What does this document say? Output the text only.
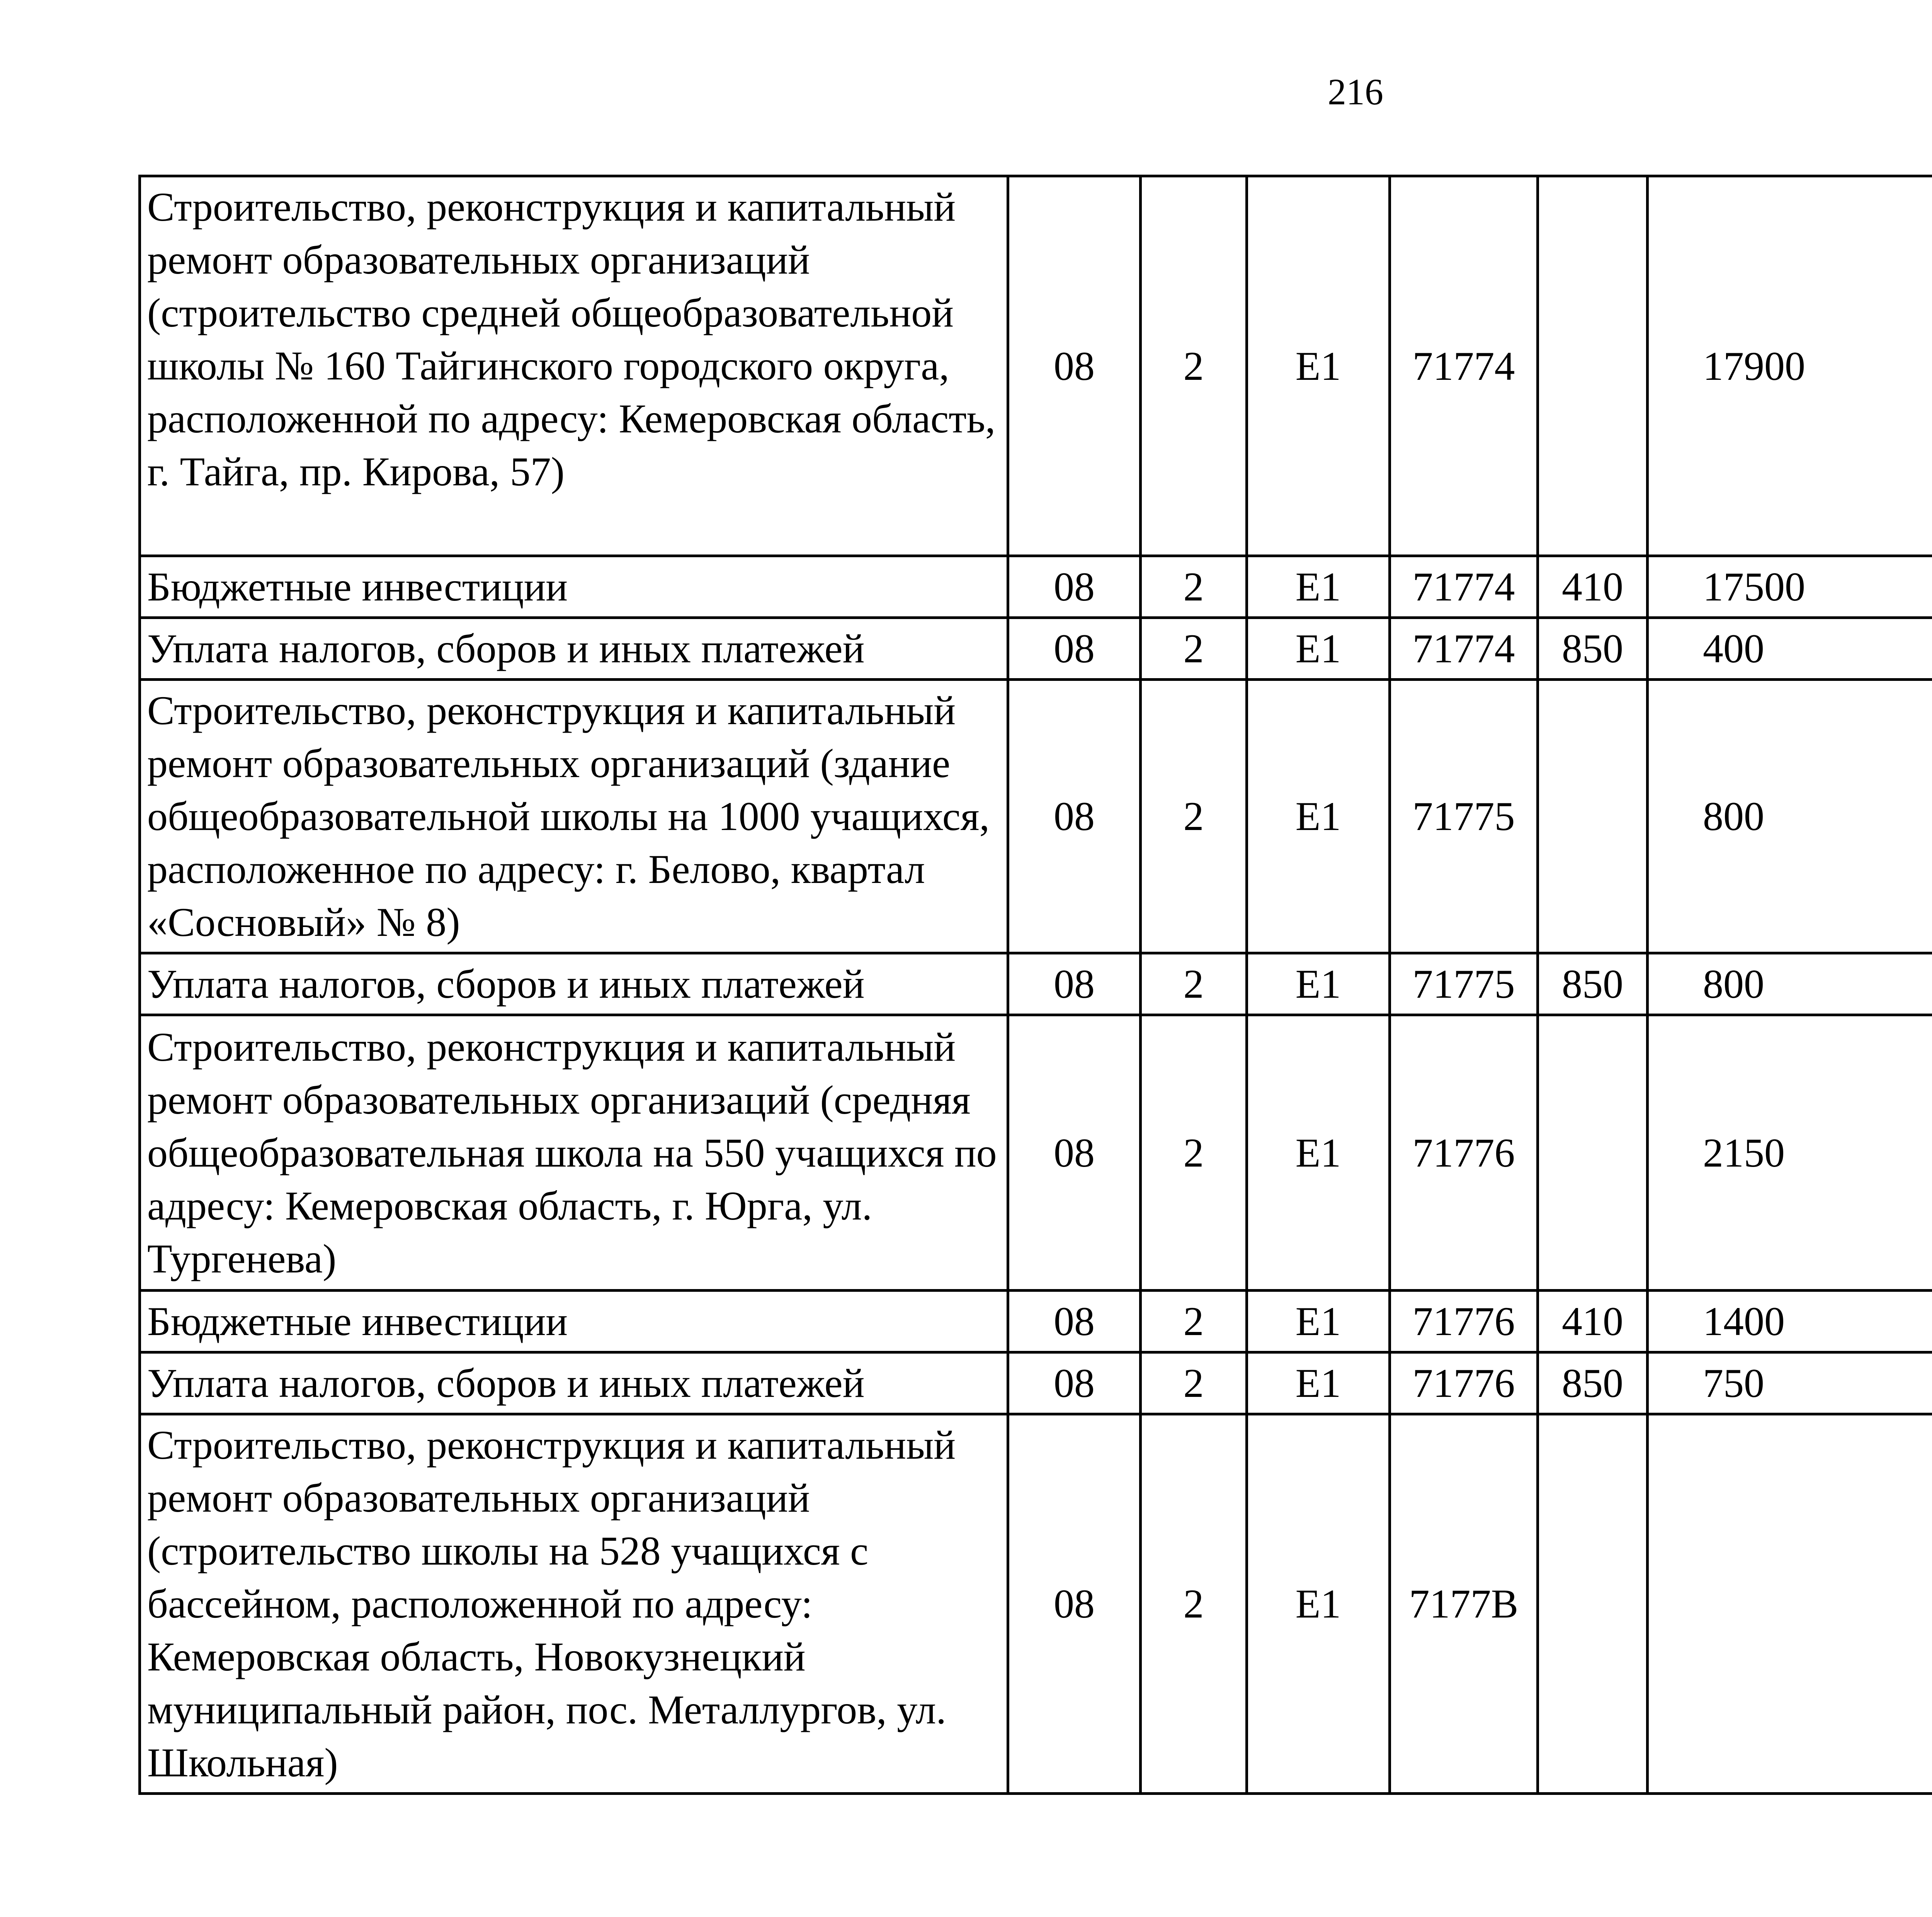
216
Строительство, реконструкция и капитальный ремонт образовательных организаций (строительство средней общеобразовательной школы № 160 Тайгинского городского округа, расположенной по адресу: Кемеровская область, г. Тайга, пр. Кирова, 57)	08	2	Е1	71774		17900		
Бюджетные инвестиции	08	2	Е1	71774	410	17500		
Уплата налогов, сборов и иных платежей	08	2	Е1	71774	850	400		
Строительство, реконструкция и капитальный ремонт образовательных организаций (здание общеобразовательной школы на 1000 учащихся, расположенное по адресу: г. Белово, квартал «Сосновый» № 8)	08	2	Е1	71775		800		
Уплата налогов, сборов и иных платежей	08	2	Е1	71775	850	800		
Строительство, реконструкция и капитальный ремонт образовательных организаций (средняя общеобразовательная школа на 550 учащихся по адресу: Кемеровская область, г. Юрга, ул. Тургенева)	08	2	Е1	71776		2150		
Бюджетные инвестиции	08	2	Е1	71776	410	1400		
Уплата налогов, сборов и иных платежей	08	2	Е1	71776	850	750		
Строительство, реконструкция и капитальный ремонт образовательных организаций (строительство школы на 528 учащихся с бассейном, расположенной по адресу: Кемеровская область, Новокузнецкий муниципальный район, пос. Металлургов, ул. Школьная)	08	2	Е1	7177В				
